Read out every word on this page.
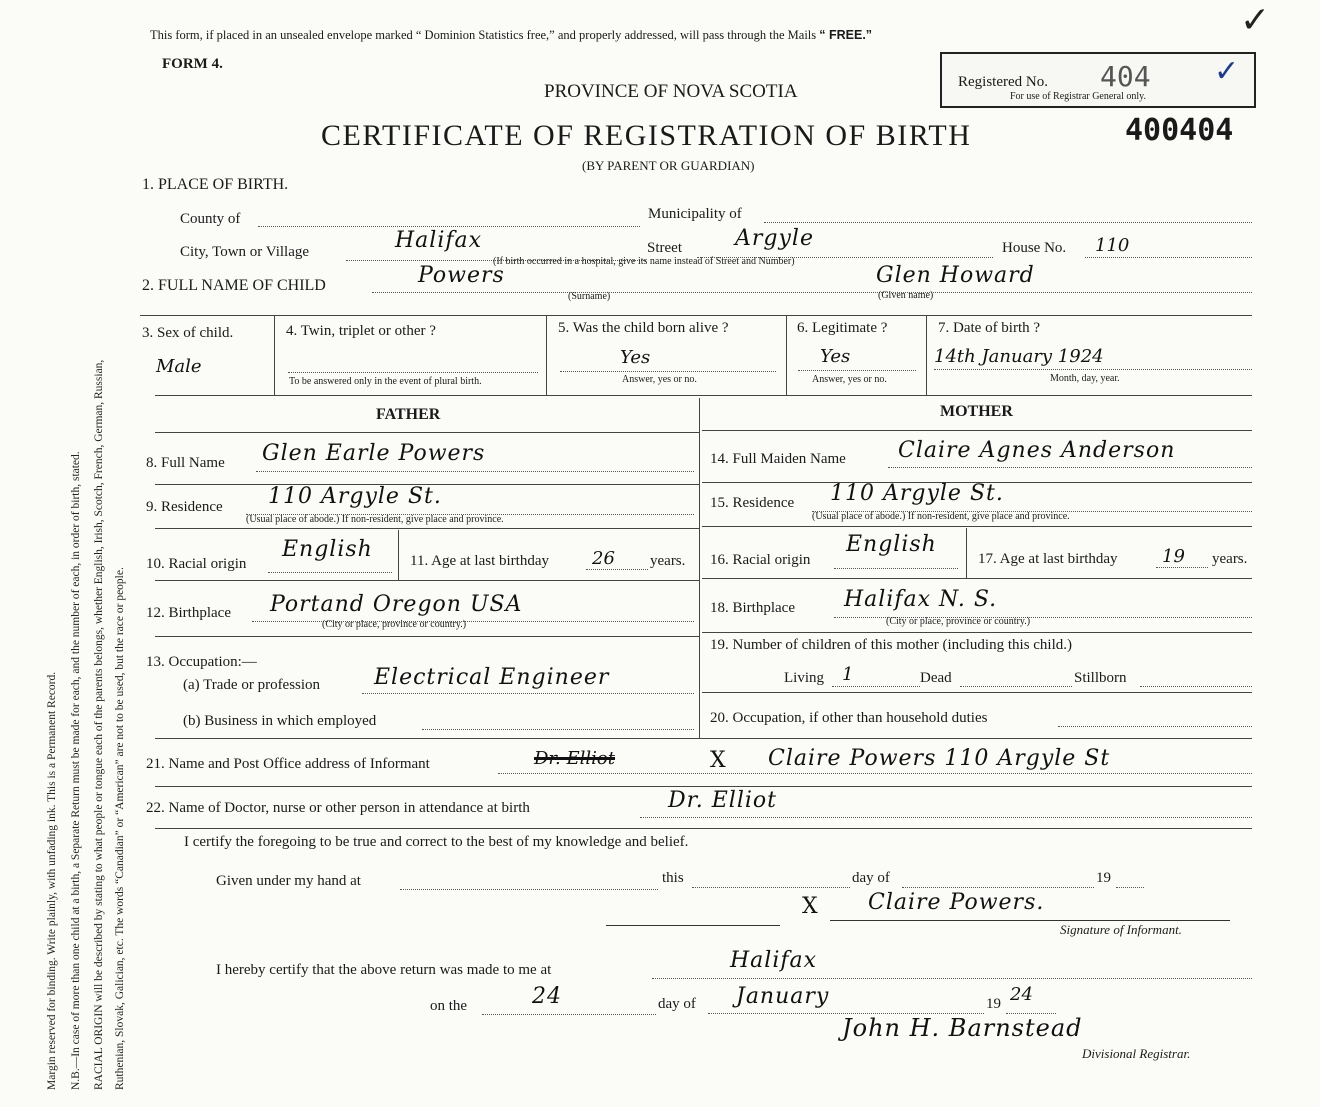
Margin reserved for binding. Write plainly, with unfading ink. This is a Permanent Record. N.B.—In case of more than one child at a birth, a Separate Return must be made for each, and the number of each, in order of birth, stated. RACIAL ORIGIN will be described by stating to what people or tongue each of the parents belongs, whether English, Irish, Scotch, French, German, Russian, Ruthenian, Slovak, Galician, etc. The words “Canadian” or “American” are not to be used, but the race or people.
This form, if placed in an unsealed envelope marked “ Dominion Statistics free,” and properly addressed, will pass through the Mails “ FREE.”
FORM 4.
PROVINCE OF NOVA SCOTIA
CERTIFICATE OF REGISTRATION OF BIRTH
(BY PARENT OR GUARDIAN)
400404
✓
Registered No. 404 ✓
For use of Registrar General only.
1. PLACE OF BIRTH.
County of	Municipality of
City, Town or Village	Halifax	Street Argyle	House No. 110
(If birth occurred in a hospital, give its name instead of Street and Number)
2. FULL NAME OF CHILD	Powers
(Surname)
Glen Howard
(Given name)
3. Sex of child.
Male
4. Twin, triplet or other ?
To be answered only in the event of plural birth.
5. Was the child born alive ?
Yes
Answer, yes or no.
6. Legitimate ?
Yes
Answer, yes or no.
7. Date of birth ?
14th January 1924
Month, day, year.
FATHER	MOTHER
8. Full Name Glen Earle Powers
9. Residence 110 Argyle St.
(Usual place of abode.) If non-resident, give place and province.
10. Racial origin
English 11. Age at last birthday 26 years.
12. Birthplace Portand Oregon USA
(City or place, province or country.)
13. Occupation:—
(a) Trade or profession Electrical Engineer
(b) Business in which employed
14. Full Maiden Name Claire Agnes Anderson
15. Residence 110 Argyle St.
(Usual place of abode.) If non-resident, give place and province.
16. Racial origin
English
17. Age at last birthday 19 years.
18. Birthplace Halifax N. S.
(City or place, province or country.)
19. Number of children of this mother (including this child.)
Living 1	Dead	Stillborn
20. Occupation, if other than household duties
21. Name and Post Office address of Informant	Dr. Elliot	X Claire Powers 110 Argyle St
22. Name of Doctor, nurse or other person in attendance at birth	Dr. Elliot
I certify the foregoing to be true and correct to the best of my knowledge and belief.
Given under my hand at	this	day of	19
X Claire Powers.
Signature of Informant.
I hereby certify that the above return was made to me at	Halifax
on the	24	day of January	19 24
John H. Barnstead
Divisional Registrar.
